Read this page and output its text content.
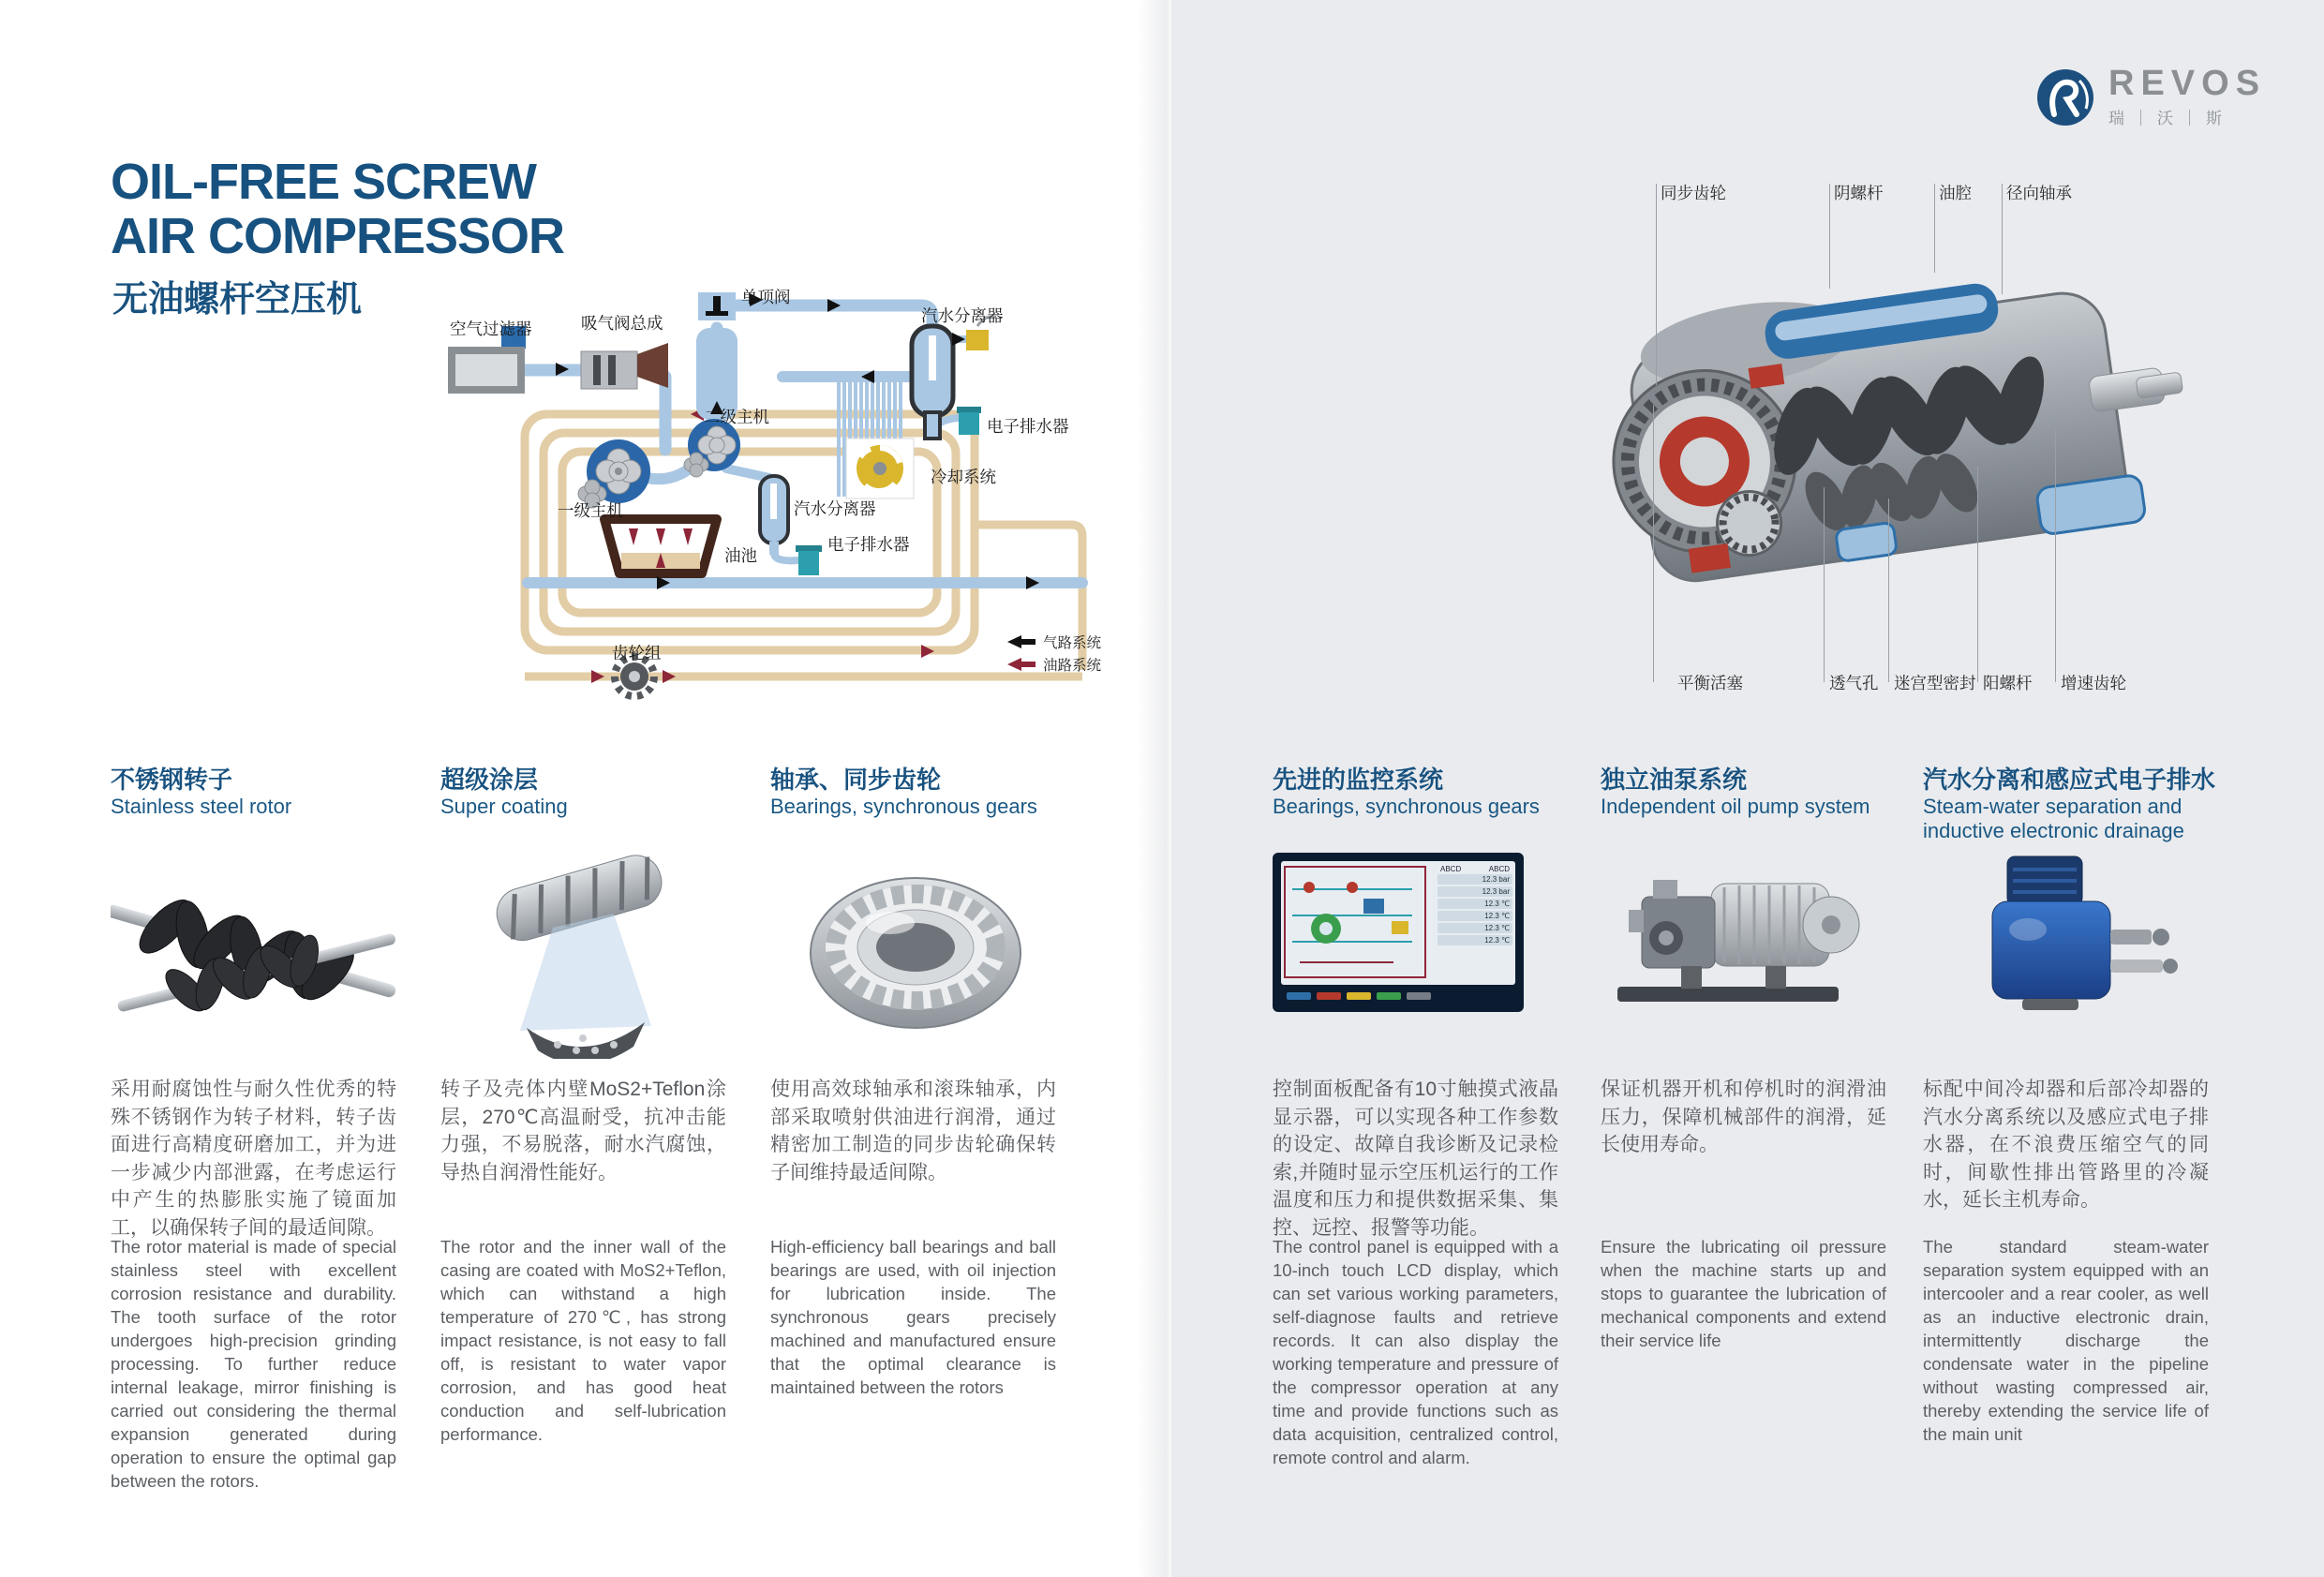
OIL-FREE SCREW
AIR COMPRESSOR
无油螺杆空压机
空气过滤器	吸气阀总成
单项阀
汽水分离器
电子排水器
二级主机
冷却系统
一级主机	汽水分离器
电子排水器
油池
齿轮组
气路系统
油路系统
REVOS
瑞｜沃｜斯
同步齿轮	阴螺杆	油腔 径向轴承
平衡活塞	透气孔 迷宫型密封 阳螺杆 增速齿轮
不锈钢转子
Stainless steel rotor
采用耐腐蚀性与耐久性优秀的特殊不锈钢作为转子材料，转子齿面进行高精度研磨加工，并为进一步减少内部泄露，在考虑运行中产生的热膨胀实施了镜面加工，以确保转子间的最适间隙。
The rotor material is made of special stainless steel with excellent corrosion resistance and durability. The tooth surface of the rotor undergoes high-precision grinding processing. To further reduce internal leakage, mirror finishing is carried out considering the thermal expansion generated during operation to ensure the optimal gap between the rotors.
超级涂层
Super coating
转子及壳体内壁MoS2+Teflon涂层，270℃高温耐受，抗冲击能力强，不易脱落，耐水汽腐蚀，导热自润滑性能好。
The rotor and the inner wall of the casing are coated with MoS2+Teflon, which can withstand a high temperature of 270℃, has strong impact resistance, is not easy to fall off, is resistant to water vapor corrosion, and has good heat conduction and self-lubrication performance.
轴承、同步齿轮
Bearings, synchronous gears
使用高效球轴承和滚珠轴承，内部采取喷射供油进行润滑，通过精密加工制造的同步齿轮确保转子间维持最适间隙。
High-efficiency ball bearings and ball bearings are used, with oil injection for lubrication inside. The synchronous gears precisely machined and manufactured ensure that the optimal clearance is maintained between the rotors
先进的监控系统
Bearings, synchronous gears
ABCD	ABCD
12.3 bar
12.3 bar
12.3 ℃
12.3 ℃
12.3 ℃
12.3 ℃
控制面板配备有10寸触摸式液晶显示器，可以实现各种工作参数的设定、故障自我诊断及记录检索,并随时显示空压机运行的工作温度和压力和提供数据采集、集控、远控、报警等功能。
The control panel is equipped with a 10-inch touch LCD display, which can set various working parameters, self-diagnose faults and retrieve records. It can also display the working temperature and pressure of the compressor operation at any time and provide functions such as data acquisition, centralized control, remote control and alarm.
独立油泵系统
Independent oil pump system
保证机器开机和停机时的润滑油压力，保障机械部件的润滑，延长使用寿命。
Ensure the lubricating oil pressure when the machine starts up and stops to guarantee the lubrication of mechanical components and extend their service life
汽水分离和感应式电子排水
Steam-water separation and inductive electronic drainage
标配中间冷却器和后部冷却器的汽水分离系统以及感应式电子排水器，在不浪费压缩空气的同时，间歇性排出管路里的冷凝水，延长主机寿命。
The standard steam-water separation system equipped with an intercooler and a rear cooler, as well as an inductive electronic drain, intermittently discharge the condensate water in the pipeline without wasting compressed air, thereby extending the service life of the main unit
